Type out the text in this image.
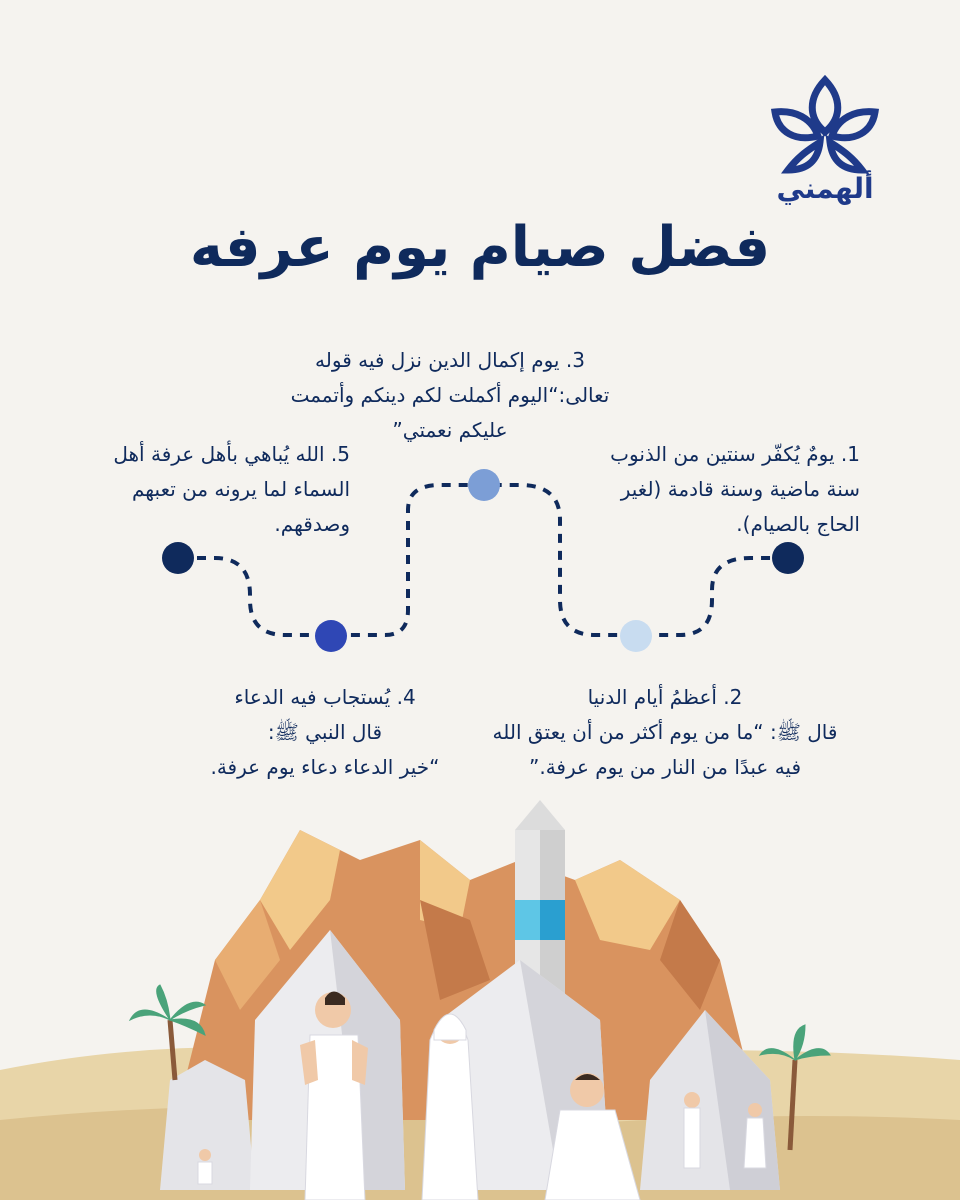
ألهمني
فضل صيام يوم عرفه
3. يوم إكمال الدين نزل فيه قوله
تعالى:“اليوم أكملت لكم دينكم وأتممت
عليكم نعمتي”
1. يومٌ يُكفّر سنتين من الذنوب
سنة ماضية وسنة قادمة (لغير
الحاج بالصيام).
5. الله يُباهي بأهل عرفة أهل
السماء لما يرونه من تعبهم
وصدقهم.
2. أعظمُ أيام الدنيا
قال ﷺ: “ما من يوم أكثر من أن يعتق الله
فيه عبدًا من النار من يوم عرفة.”
4. يُستجاب فيه الدعاء
قال النبي ﷺ:
“خير الدعاء دعاء يوم عرفة.
